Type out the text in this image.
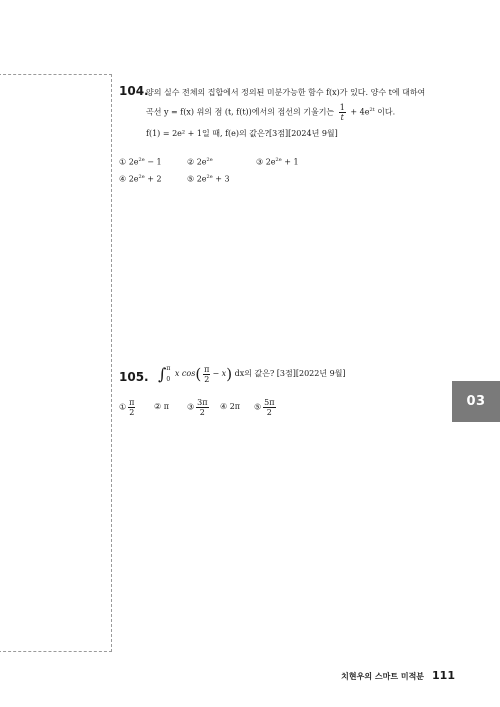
104.
양의 실수 전체의 집합에서 정의된 미분가능한 함수 f(x)가 있다. 양수 t에 대하여
곡선 y = f(x) 위의 점 (t, f(t))에서의 접선의 기울기는 $\frac{1}{t} + 4e^{2t}$ 이다.
f(1) = 2e² + 1일 때, f(e)의 값은?[3점][2024년 9월]
① $2e^{2e} - 1$	② $2e^{2e}$	③ $2e^{2e} + 1$
④ $2e^{2e} + 2$	⑤ $2e^{2e} + 3$
105. ∫ π
0
x $\cos( \frac{\pi}{2} - x)$ dx의 값은? [3점][2022년 9월]
① $\frac{\pi}{2}$ ② π ③ $\frac{3\pi}{2}$ ④ 2π ⑤ $\frac{5\pi}{2}$	03
치현우의 스마트 미적분 111
